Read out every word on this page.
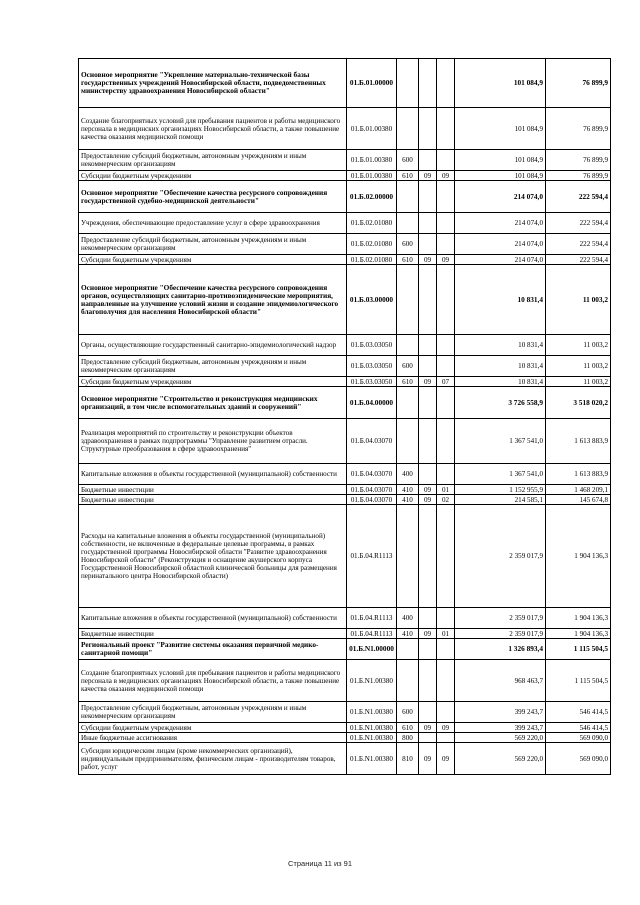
Основное мероприятие "Укрепление материально-технической базы государственных учреждений Новосибирской области, подведомственных министерству здравоохранения Новосибирской области"	01.Б.01.00000				101 084,9	76 899,9
Создание благоприятных условий для пребывания пациентов и работы медицинского персонала в медицинских организациях Новосибирской области, а также повышение качества оказания медицинской помощи	01.Б.01.00380				101 084,9	76 899,9
Предоставление субсидий бюджетным, автономным учреждениям и иным некоммерческим организациям	01.Б.01.00380	600			101 084,9	76 899,9
Субсидии бюджетным учреждениям	01.Б.01.00380	610	09	09	101 084,9	76 899,9
Основное мероприятие "Обеспечение качества ресурсного сопровождения государственной судебно-медицинской деятельности"	01.Б.02.00000				214 074,0	222 594,4
Учреждения, обеспечивающие предоставление услуг в сфере здравоохранения	01.Б.02.01080				214 074,0	222 594,4
Предоставление субсидий бюджетным, автономным учреждениям и иным некоммерческим организациям	01.Б.02.01080	600			214 074,0	222 594,4
Субсидии бюджетным учреждениям	01.Б.02.01080	610	09	09	214 074,0	222 594,4
Основное мероприятие "Обеспечение качества ресурсного сопровождения органов, осуществляющих санитарно-противоэпидемические мероприятия, направленные на улучшение условий жизни и создание эпидемиологического благополучия для населения Новосибирской области"	01.Б.03.00000				10 831,4	11 003,2
Органы, осуществляющие государственный санитарно-эпидемиологический надзор	01.Б.03.03050				10 831,4	11 003,2
Предоставление субсидий бюджетным, автономным учреждениям и иным некоммерческим организациям	01.Б.03.03050	600			10 831,4	11 003,2
Субсидии бюджетным учреждениям	01.Б.03.03050	610	09	07	10 831,4	11 003,2
Основное мероприятие "Строительство и реконструкция медицинских организаций, в том числе вспомогательных зданий и сооружений"	01.Б.04.00000				3 726 558,9	3 518 020,2
Реализация мероприятий по строительству и реконструкции объектов здравоохранения в рамках подпрограммы "Управление развитием отрасли. Структурные преобразования в сфере здравоохранения"	01.Б.04.03070				1 367 541,0	1 613 883,9
Капитальные вложения в объекты государственной (муниципальной) собственности	01.Б.04.03070	400			1 367 541,0	1 613 883,9
Бюджетные инвестиции	01.Б.04.03070	410	09	01	1 152 955,9	1 468 209,1
Бюджетные инвестиции	01.Б.04.03070	410	09	02	214 585,1	145 674,8
Расходы на капитальные вложения в объекты государственной (муниципальной) собственности, не включенные в федеральные целевые программы, в рамках государственной программы Новосибирской области "Развитие здравоохранения Новосибирской области" (Реконструкция и оснащение акушерского корпуса Государственной Новосибирской областной клинической больницы для размещения перинатального центра Новосибирской области)	01.Б.04.R1113				2 359 017,9	1 904 136,3
Капитальные вложения в объекты государственной (муниципальной) собственности	01.Б.04.R1113	400			2 359 017,9	1 904 136,3
Бюджетные инвестиции	01.Б.04.R1113	410	09	01	2 359 017,9	1 904 136,3
Региональный проект "Развитие системы оказания первичной медико-санитарной помощи"	01.Б.N1.00000				1 326 893,4	1 115 504,5
Создание благоприятных условий для пребывания пациентов и работы медицинского персонала в медицинских организациях Новосибирской области, а также повышение качества оказания медицинской помощи	01.Б.N1.00380				968 463,7	1 115 504,5
Предоставление субсидий бюджетным, автономным учреждениям и иным некоммерческим организациям	01.Б.N1.00380	600			399 243,7	546 414,5
Субсидии бюджетным учреждениям	01.Б.N1.00380	610	09	09	399 243,7	546 414,5
Иные бюджетные ассигнования	01.Б.N1.00380	800			569 220,0	569 090,0
Субсидии юридическим лицам (кроме некоммерческих организаций), индивидуальным предпринимателям, физическим лицам - производителям товаров, работ, услуг	01.Б.N1.00380	810	09	09	569 220,0	569 090,0
Страница 11 из 91
